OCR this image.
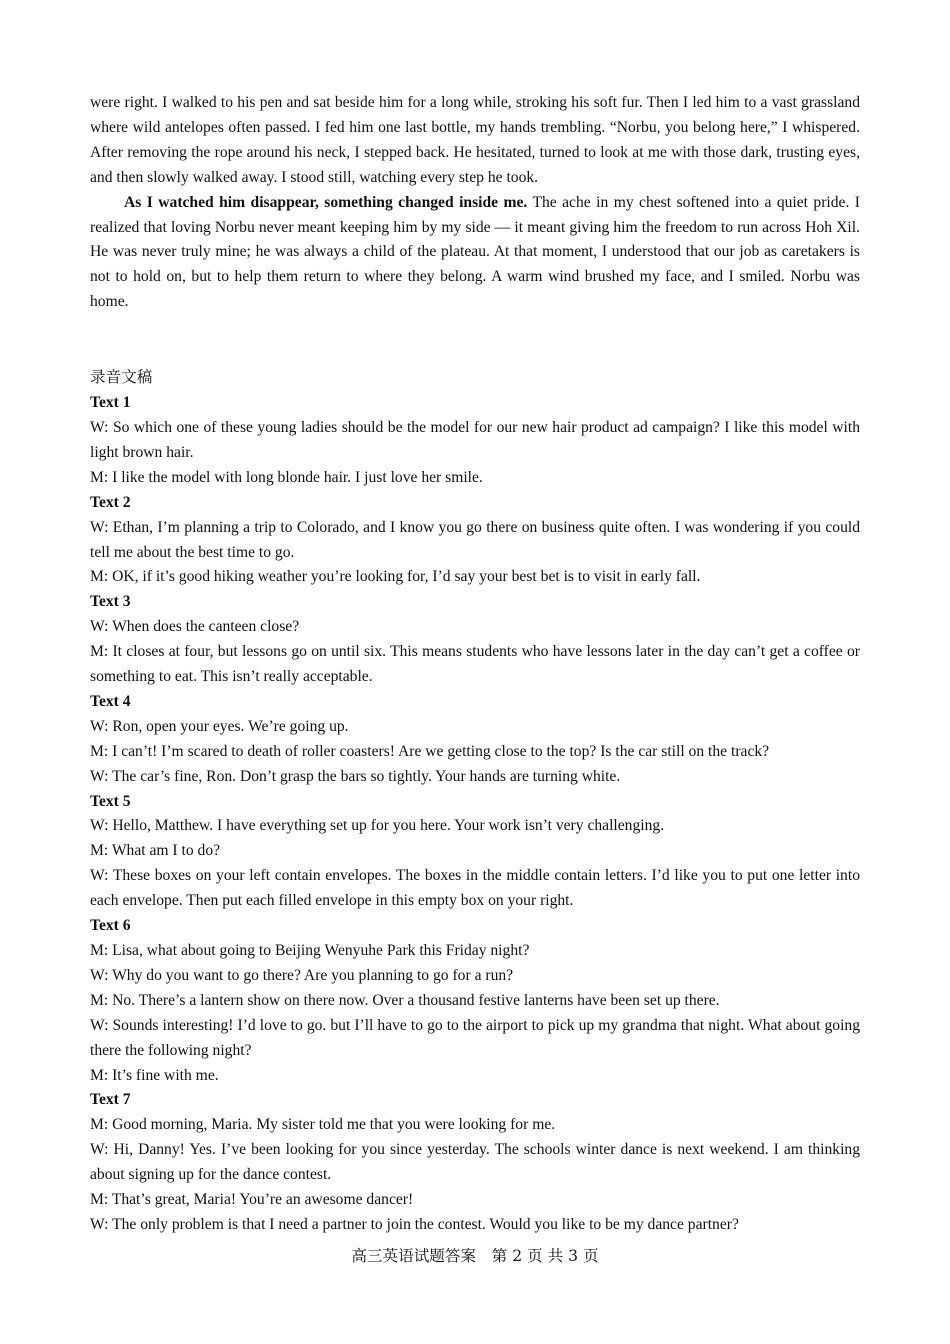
were right. I walked to his pen and sat beside him for a long while, stroking his soft fur. Then I led him to a vast grassland where wild antelopes often passed. I fed him one last bottle, my hands trembling. “Norbu, you belong here,” I whispered. After removing the rope around his neck, I stepped back. He hesitated, turned to look at me with those dark, trusting eyes, and then slowly walked away. I stood still, watching every step he took.

As I watched him disappear, something changed inside me. The ache in my chest softened into a quiet pride. I realized that loving Norbu never meant keeping him by my side — it meant giving him the freedom to run across Hoh Xil. He was never truly mine; he was always a child of the plateau. At that moment, I understood that our job as caretakers is not to hold on, but to help them return to where they belong. A warm wind brushed my face, and I smiled. Norbu was home.

录音文稿

Text 1

W: So which one of these young ladies should be the model for our new hair product ad campaign? I like this model with light brown hair.

M: I like the model with long blonde hair. I just love her smile.

Text 2

W: Ethan, I’m planning a trip to Colorado, and I know you go there on business quite often. I was wondering if you could tell me about the best time to go.

M: OK, if it’s good hiking weather you’re looking for, I’d say your best bet is to visit in early fall.

Text 3

W: When does the canteen close?

M: It closes at four, but lessons go on until six. This means students who have lessons later in the day can’t get a coffee or something to eat. This isn’t really acceptable.

Text 4

W: Ron, open your eyes. We’re going up.

M: I can’t! I’m scared to death of roller coasters! Are we getting close to the top? Is the car still on the track?

W: The car’s fine, Ron. Don’t grasp the bars so tightly. Your hands are turning white.

Text 5

W: Hello, Matthew. I have everything set up for you here. Your work isn’t very challenging.

M: What am I to do?

W: These boxes on your left contain envelopes. The boxes in the middle contain letters. I’d like you to put one letter into each envelope. Then put each filled envelope in this empty box on your right.

Text 6

M: Lisa, what about going to Beijing Wenyuhe Park this Friday night?

W: Why do you want to go there? Are you planning to go for a run?

M: No. There’s a lantern show on there now. Over a thousand festive lanterns have been set up there.

W: Sounds interesting! I’d love to go. but I’ll have to go to the airport to pick up my grandma that night. What about going there the following night?

M: It’s fine with me.

Text 7

M: Good morning, Maria. My sister told me that you were looking for me.

W: Hi, Danny! Yes. I’ve been looking for you since yesterday. The schools winter dance is next weekend. I am thinking about signing up for the dance contest.

M: That’s great, Maria! You’re an awesome dancer!

W: The only problem is that I need a partner to join the contest. Would you like to be my dance partner?

高三英语试题答案　第 2 页 共 3 页
